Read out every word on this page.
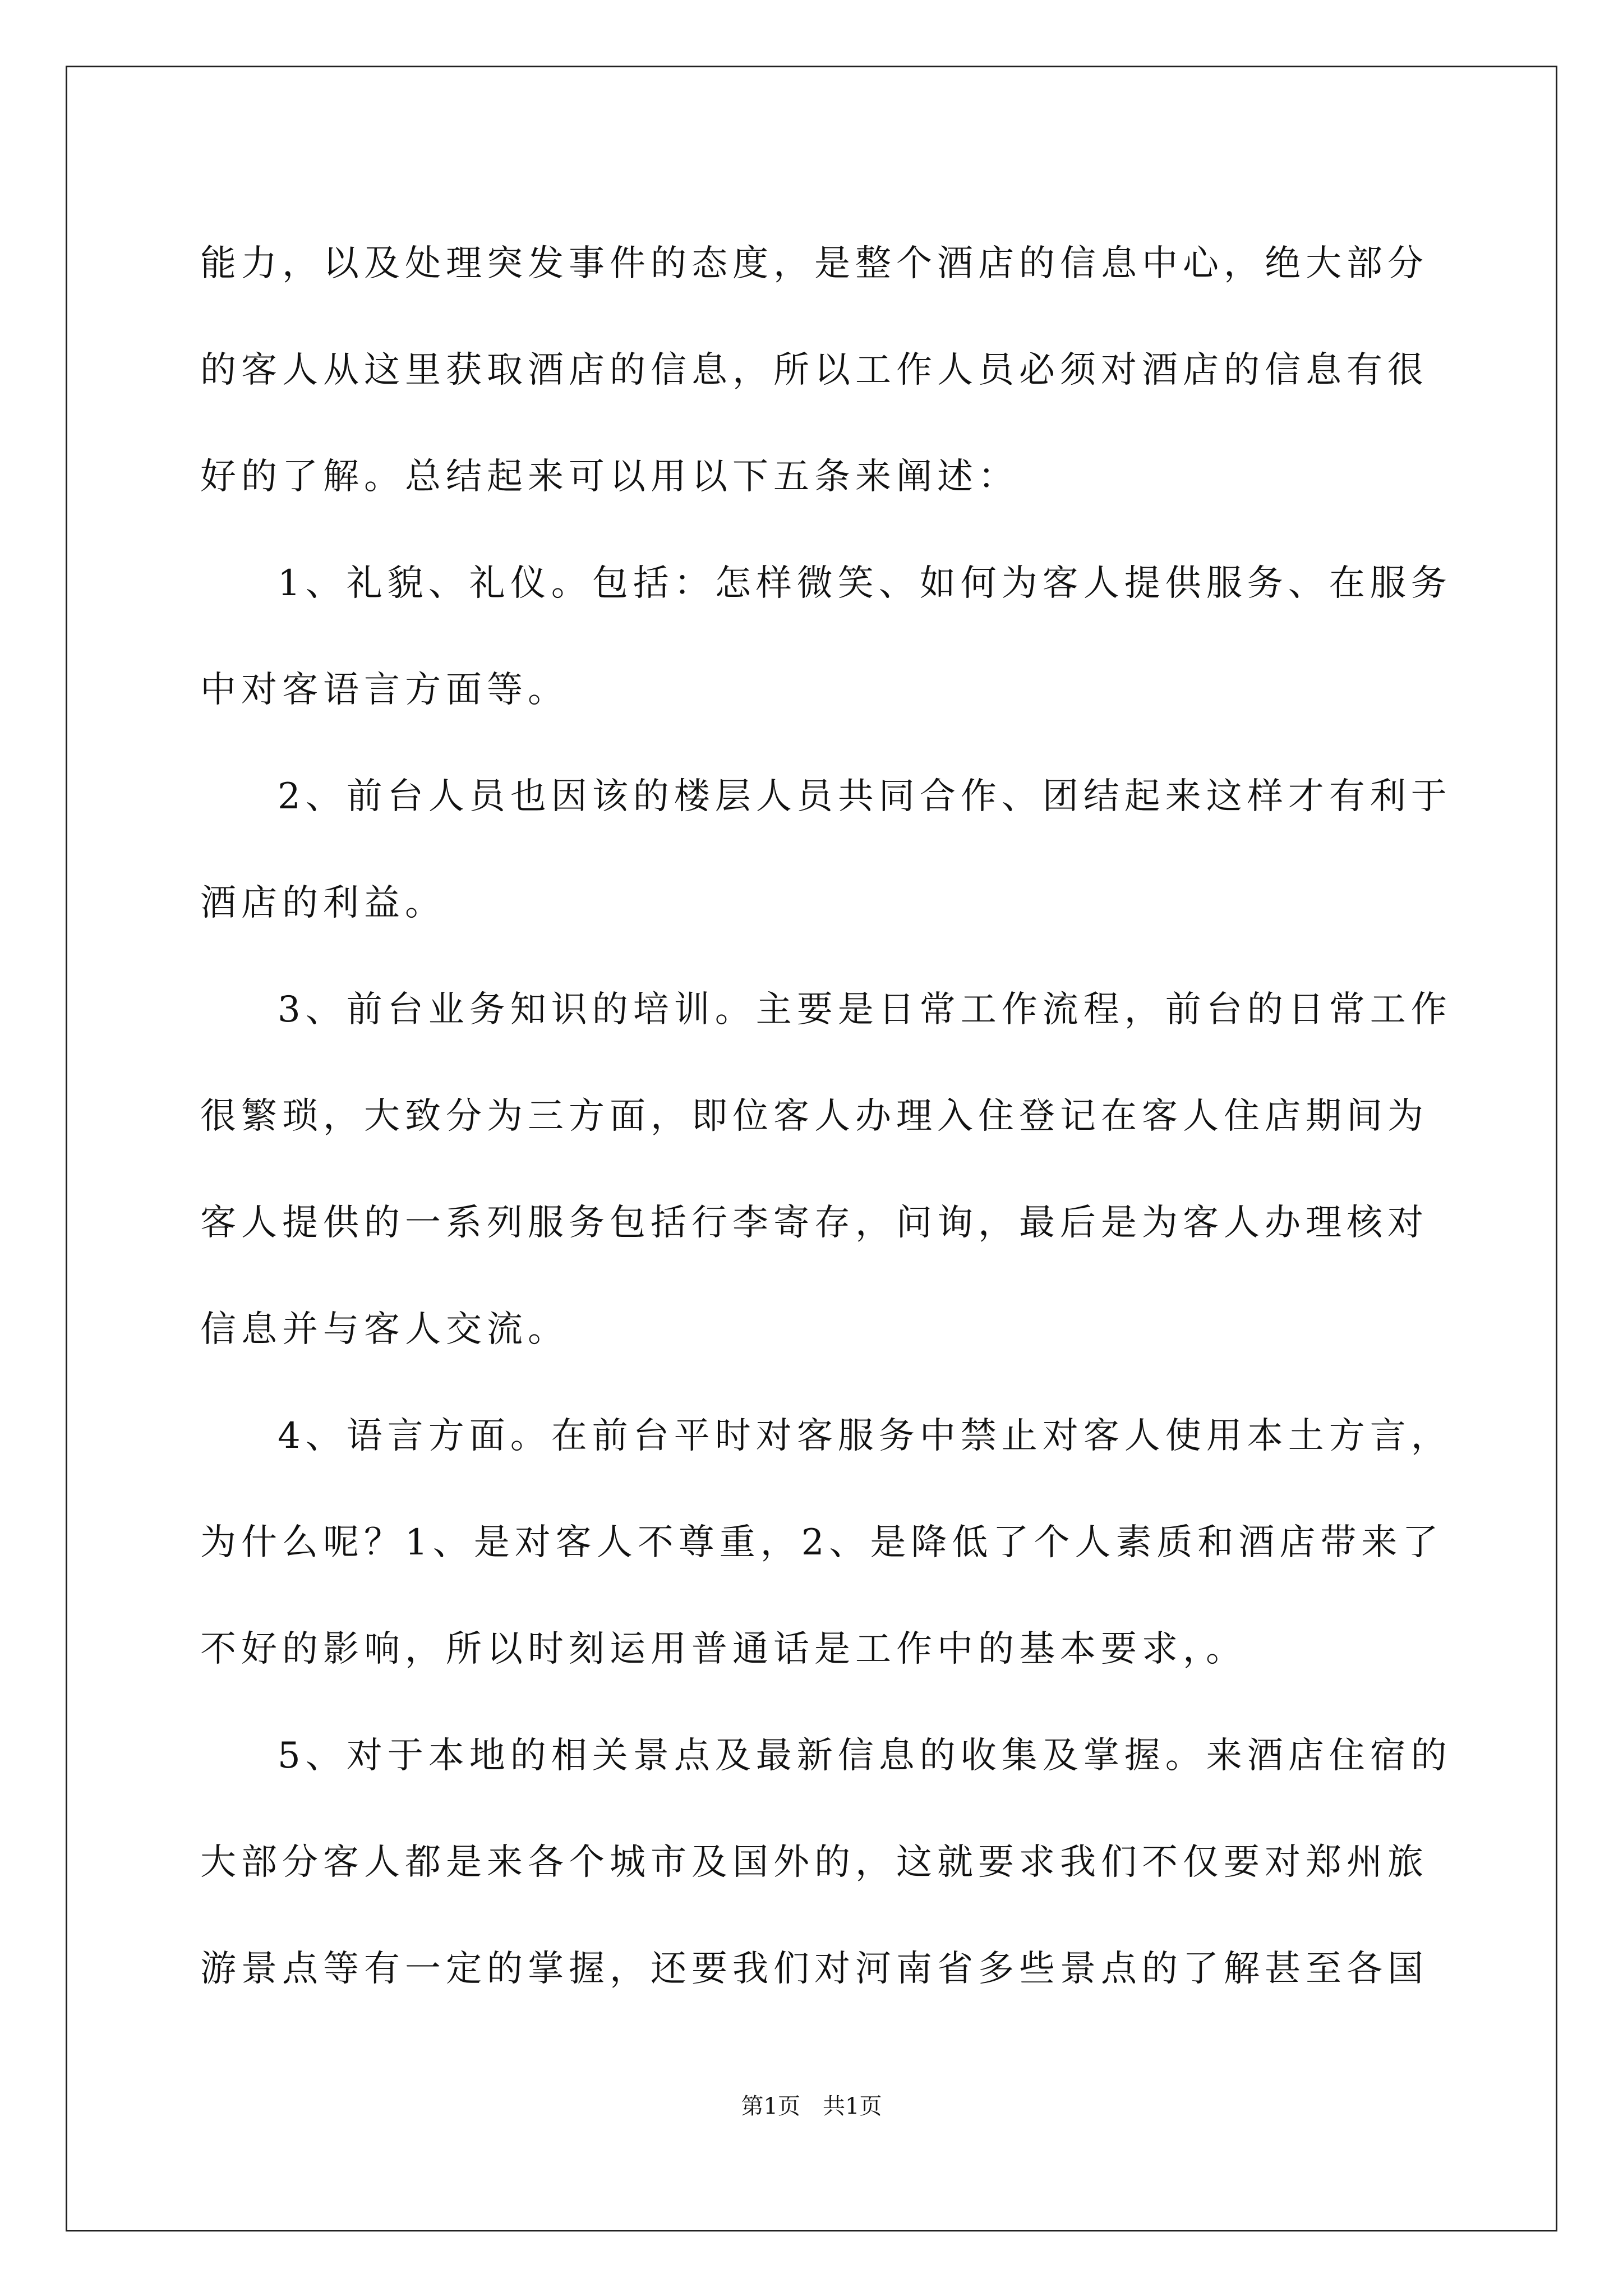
能力，以及处理突发事件的态度，是整个酒店的信息中心，绝大部分
的客人从这里获取酒店的信息，所以工作人员必须对酒店的信息有很
好的了解。总结起来可以用以下五条来阐述：
1、礼貌、礼仪。包括：怎样微笑、如何为客人提供服务、在服务
中对客语言方面等。
2、前台人员也因该的楼层人员共同合作、团结起来这样才有利于
酒店的利益。
3、前台业务知识的培训。主要是日常工作流程，前台的日常工作
很繁琐，大致分为三方面，即位客人办理入住登记在客人住店期间为
客人提供的一系列服务包括行李寄存，问询，最后是为客人办理核对
信息并与客人交流。
4、语言方面。在前台平时对客服务中禁止对客人使用本土方言，
为什么呢？1、是对客人不尊重，2、是降低了个人素质和酒店带来了
不好的影响，所以时刻运用普通话是工作中的基本要求，。
5、对于本地的相关景点及最新信息的收集及掌握。来酒店住宿的
大部分客人都是来各个城市及国外的，这就要求我们不仅要对郑州旅
游景点等有一定的掌握，还要我们对河南省多些景点的了解甚至各国
第1页　共1页
